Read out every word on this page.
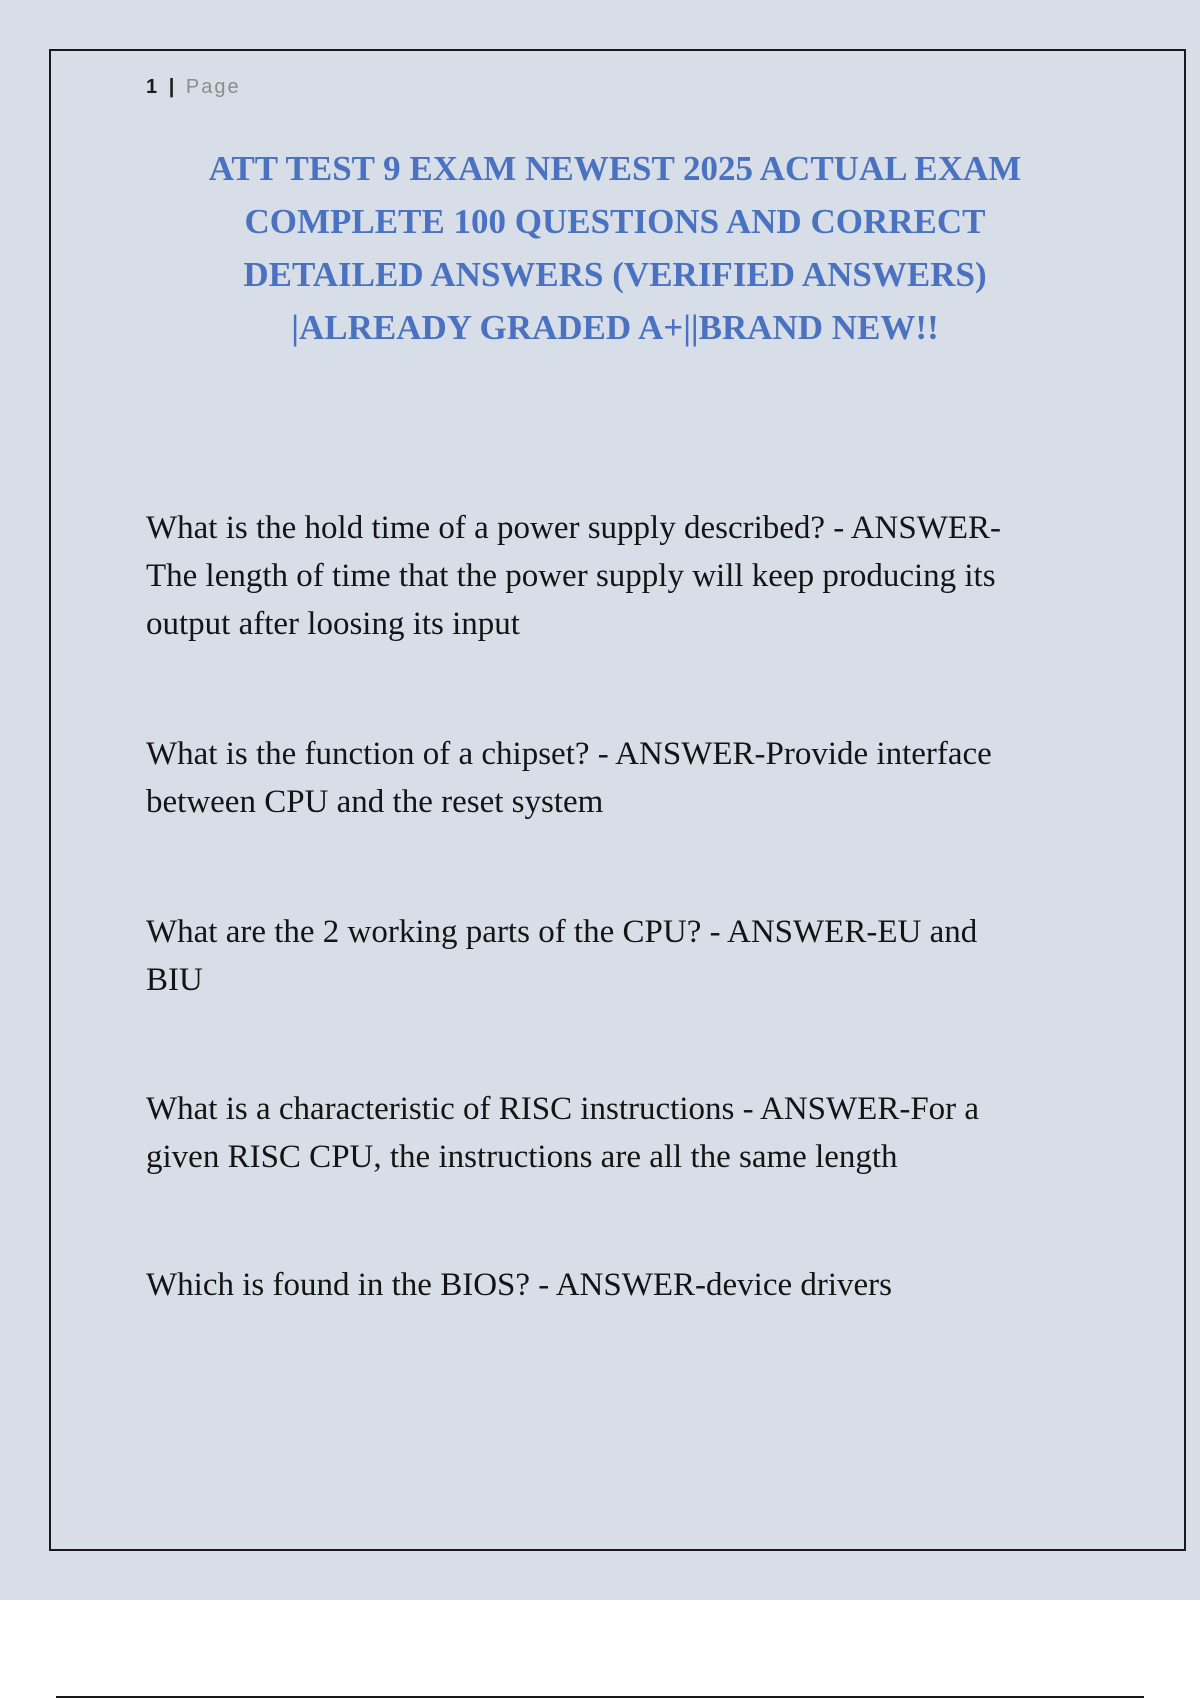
1 | Page
ATT TEST 9 EXAM NEWEST 2025 ACTUAL EXAM
COMPLETE 100 QUESTIONS AND CORRECT
DETAILED ANSWERS (VERIFIED ANSWERS)
|ALREADY GRADED A+||BRAND NEW!!

What is the hold time of a power supply described? - ANSWER-
The length of time that the power supply will keep producing its
output after loosing its input

What is the function of a chipset? - ANSWER-Provide interface
between CPU and the reset system

What are the 2 working parts of the CPU? - ANSWER-EU and
BIU

What is a characteristic of RISC instructions - ANSWER-For a
given RISC CPU, the instructions are all the same length

Which is found in the BIOS? - ANSWER-device drivers
